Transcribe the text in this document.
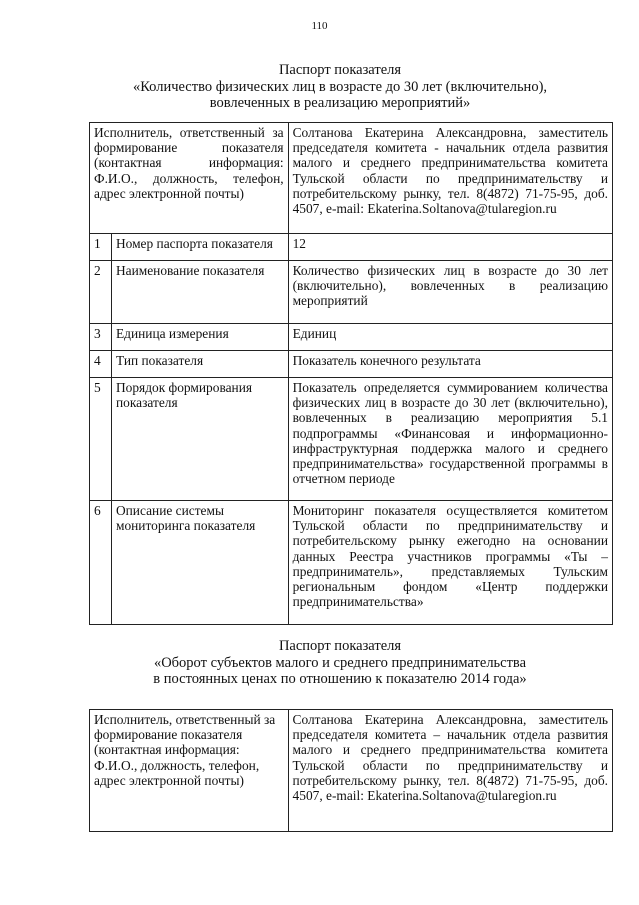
110
Паспорт показателя
«Количество физических лиц в возрасте до 30 лет (включительно),
вовлеченных в реализацию мероприятий»
Исполнитель, ответственный за формирование показателя (контактная информация: Ф.И.О., должность, телефон, адрес электронной почты)		Солтанова Екатерина Александровна, заместитель председателя комитета - начальник отдела развития малого и среднего предпринимательства комитета Тульской области по предпринимательству и потребительскому рынку, тел. 8(4872) 71-75-95, доб. 4507, e-mail: Ekaterina.Soltanova@tularegion.ru
1	Номер паспорта показателя	12
2	Наименование показателя	Количество физических лиц в возрасте до 30 лет (включительно), вовлеченных в реализацию мероприятий
3	Единица измерения	Единиц
4	Тип показателя	Показатель конечного результата
5	Порядок формирования показателя	Показатель определяется суммированием количества физических лиц в возрасте до 30 лет (включительно), вовлеченных в реализацию мероприятия 5.1 подпрограммы «Финансовая и информационно-инфраструктурная поддержка малого и среднего предпринимательства» государственной программы в отчетном периоде
6	Описание системы мониторинга показателя	Мониторинг показателя осуществляется комитетом Тульской области по предпринимательству и потребительскому рынку ежегодно на основании данных Реестра участников программы «Ты – предприниматель», представляемых Тульским региональным фондом «Центр поддержки предпринимательства»
Паспорт показателя
«Оборот субъектов малого и среднего предпринимательства
в постоянных ценах по отношению к показателю 2014 года»
Исполнитель, ответственный за формирование показателя (контактная информация: Ф.И.О., должность, телефон, адрес электронной почты)	Солтанова Екатерина Александровна, заместитель председателя комитета – начальник отдела развития малого и среднего предпринимательства комитета Тульской области по предпринимательству и потребительскому рынку, тел. 8(4872) 71-75-95, доб. 4507, e-mail: Ekaterina.Soltanova@tularegion.ru
